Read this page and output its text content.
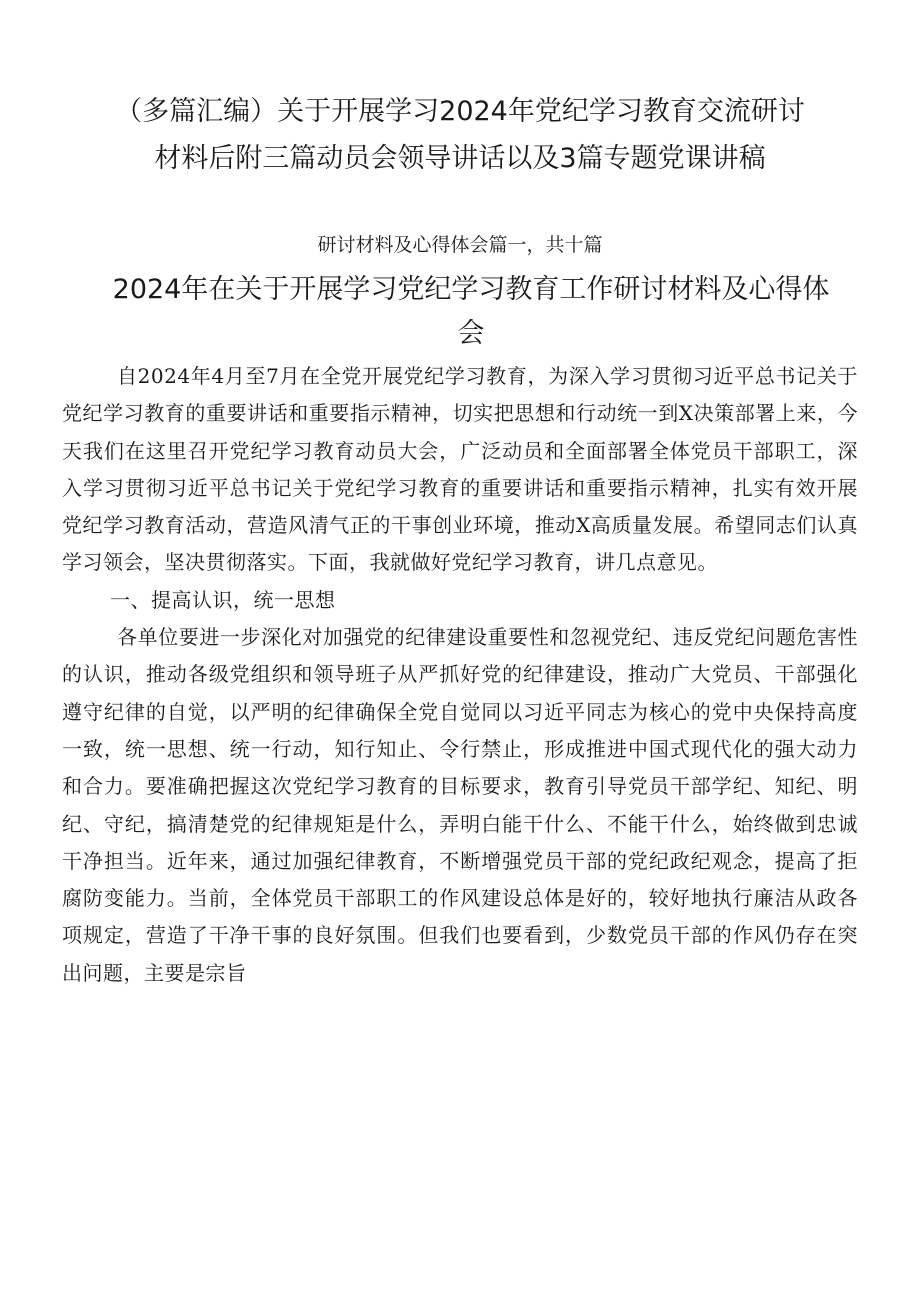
（多篇汇编）关于开展学习2024年党纪学习教育交流研讨材料后附三篇动员会领导讲话以及3篇专题党课讲稿
研讨材料及心得体会篇一，共十篇
2024年在关于开展学习党纪学习教育工作研讨材料及心得体会

自2024年4月至7月在全党开展党纪学习教育，为深入学习贯彻习近平总书记关于党纪学习教育的重要讲话和重要指示精神，切实把思想和行动统一到X决策部署上来，今天我们在这里召开党纪学习教育动员大会，广泛动员和全面部署全体党员干部职工，深入学习贯彻习近平总书记关于党纪学习教育的重要讲话和重要指示精神，扎实有效开展党纪学习教育活动，营造风清气正的干事创业环境，推动X高质量发展。希望同志们认真学习领会，坚决贯彻落实。下面，我就做好党纪学习教育，讲几点意见。

一、提高认识，统一思想

各单位要进一步深化对加强党的纪律建设重要性和忽视党纪、违反党纪问题危害性的认识，推动各级党组织和领导班子从严抓好党的纪律建设，推动广大党员、干部强化遵守纪律的自觉，以严明的纪律确保全党自觉同以习近平同志为核心的党中央保持高度一致，统一思想、统一行动，知行知止、令行禁止，形成推进中国式现代化的强大动力和合力。要准确把握这次党纪学习教育的目标要求，教育引导党员干部学纪、知纪、明纪、守纪，搞清楚党的纪律规矩是什么，弄明白能干什么、不能干什么，始终做到忠诚干净担当。近年来，通过加强纪律教育，不断增强党员干部的党纪政纪观念，提高了拒腐防变能力。当前，全体党员干部职工的作风建设总体是好的，较好地执行廉洁从政各项规定，营造了干净干事的良好氛围。但我们也要看到，少数党员干部的作风仍存在突出问题，主要是宗旨
